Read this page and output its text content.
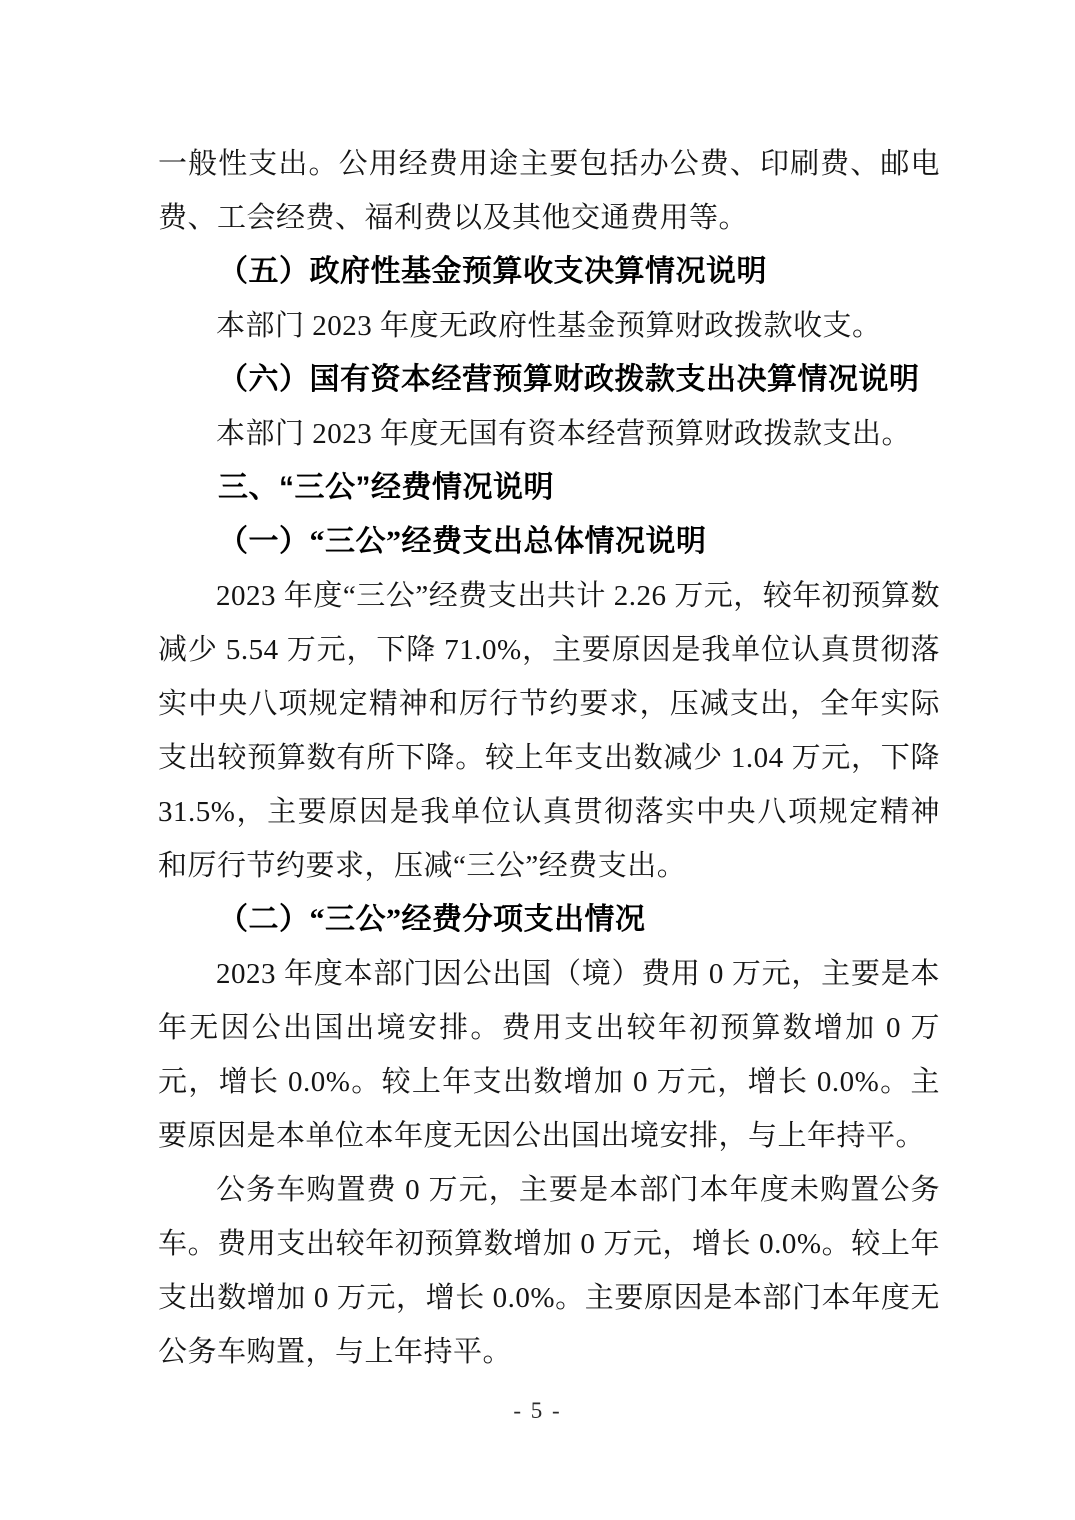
一般性支出。公用经费用途主要包括办公费、印刷费、邮电费、工会经费、福利费以及其他交通费用等。

（五）政府性基金预算收支决算情况说明

本部门 2023 年度无政府性基金预算财政拨款收支。

（六）国有资本经营预算财政拨款支出决算情况说明

本部门 2023 年度无国有资本经营预算财政拨款支出。

三、“三公”经费情况说明

（一）“三公”经费支出总体情况说明

2023 年度“三公”经费支出共计 2.26 万元，较年初预算数减少 5.54 万元，下降 71.0%，主要原因是我单位认真贯彻落实中央八项规定精神和厉行节约要求，压减支出，全年实际支出较预算数有所下降。较上年支出数减少 1.04 万元，下降 31.5%，主要原因是我单位认真贯彻落实中央八项规定精神和厉行节约要求，压减“三公”经费支出。

（二）“三公”经费分项支出情况

2023 年度本部门因公出国（境）费用 0 万元，主要是本年无因公出国出境安排。费用支出较年初预算数增加 0 万元，增长 0.0%。较上年支出数增加 0 万元，增长 0.0%。主要原因是本单位本年度无因公出国出境安排，与上年持平。

公务车购置费 0 万元，主要是本部门本年度未购置公务车。费用支出较年初预算数增加 0 万元，增长 0.0%。较上年支出数增加 0 万元，增长 0.0%。主要原因是本部门本年度无公务车购置，与上年持平。

- 5 -
